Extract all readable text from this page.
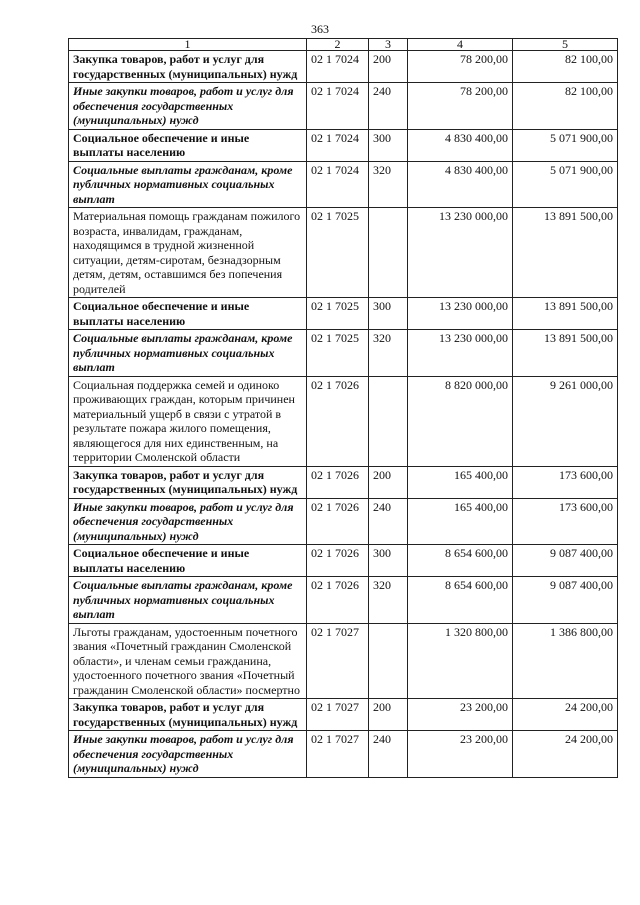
363
1	2	3	4	5
Закупка товаров, работ и услуг для государственных (муниципальных) нужд	02 1 7024	200	78 200,00	82 100,00
Иные закупки товаров, работ и услуг для обеспечения государственных (муниципальных) нужд	02 1 7024	240	78 200,00	82 100,00
Социальное обеспечение и иные выплаты населению	02 1 7024	300	4 830 400,00	5 071 900,00
Социальные выплаты гражданам, кроме публичных нормативных социальных выплат	02 1 7024	320	4 830 400,00	5 071 900,00
Материальная помощь гражданам пожилого возраста, инвалидам, гражданам, находящимся в трудной жизненной ситуации, детям-сиротам, безнадзорным детям, детям, оставшимся без попечения родителей	02 1 7025		13 230 000,00	13 891 500,00
Социальное обеспечение и иные выплаты населению	02 1 7025	300	13 230 000,00	13 891 500,00
Социальные выплаты гражданам, кроме публичных нормативных социальных выплат	02 1 7025	320	13 230 000,00	13 891 500,00
Социальная поддержка семей и одиноко проживающих граждан, которым причинен материальный ущерб в связи с утратой в результате пожара жилого помещения, являющегося для них единственным, на территории Смоленской области	02 1 7026		8 820 000,00	9 261 000,00
Закупка товаров, работ и услуг для государственных (муниципальных) нужд	02 1 7026	200	165 400,00	173 600,00
Иные закупки товаров, работ и услуг для обеспечения государственных (муниципальных) нужд	02 1 7026	240	165 400,00	173 600,00
Социальное обеспечение и иные выплаты населению	02 1 7026	300	8 654 600,00	9 087 400,00
Социальные выплаты гражданам, кроме публичных нормативных социальных выплат	02 1 7026	320	8 654 600,00	9 087 400,00
Льготы гражданам, удостоенным почетного звания «Почетный гражданин Смоленской области», и членам семьи гражданина, удостоенного почетного звания «Почетный гражданин Смоленской области» посмертно	02 1 7027		1 320 800,00	1 386 800,00
Закупка товаров, работ и услуг для государственных (муниципальных) нужд	02 1 7027	200	23 200,00	24 200,00
Иные закупки товаров, работ и услуг для обеспечения государственных (муниципальных) нужд	02 1 7027	240	23 200,00	24 200,00
